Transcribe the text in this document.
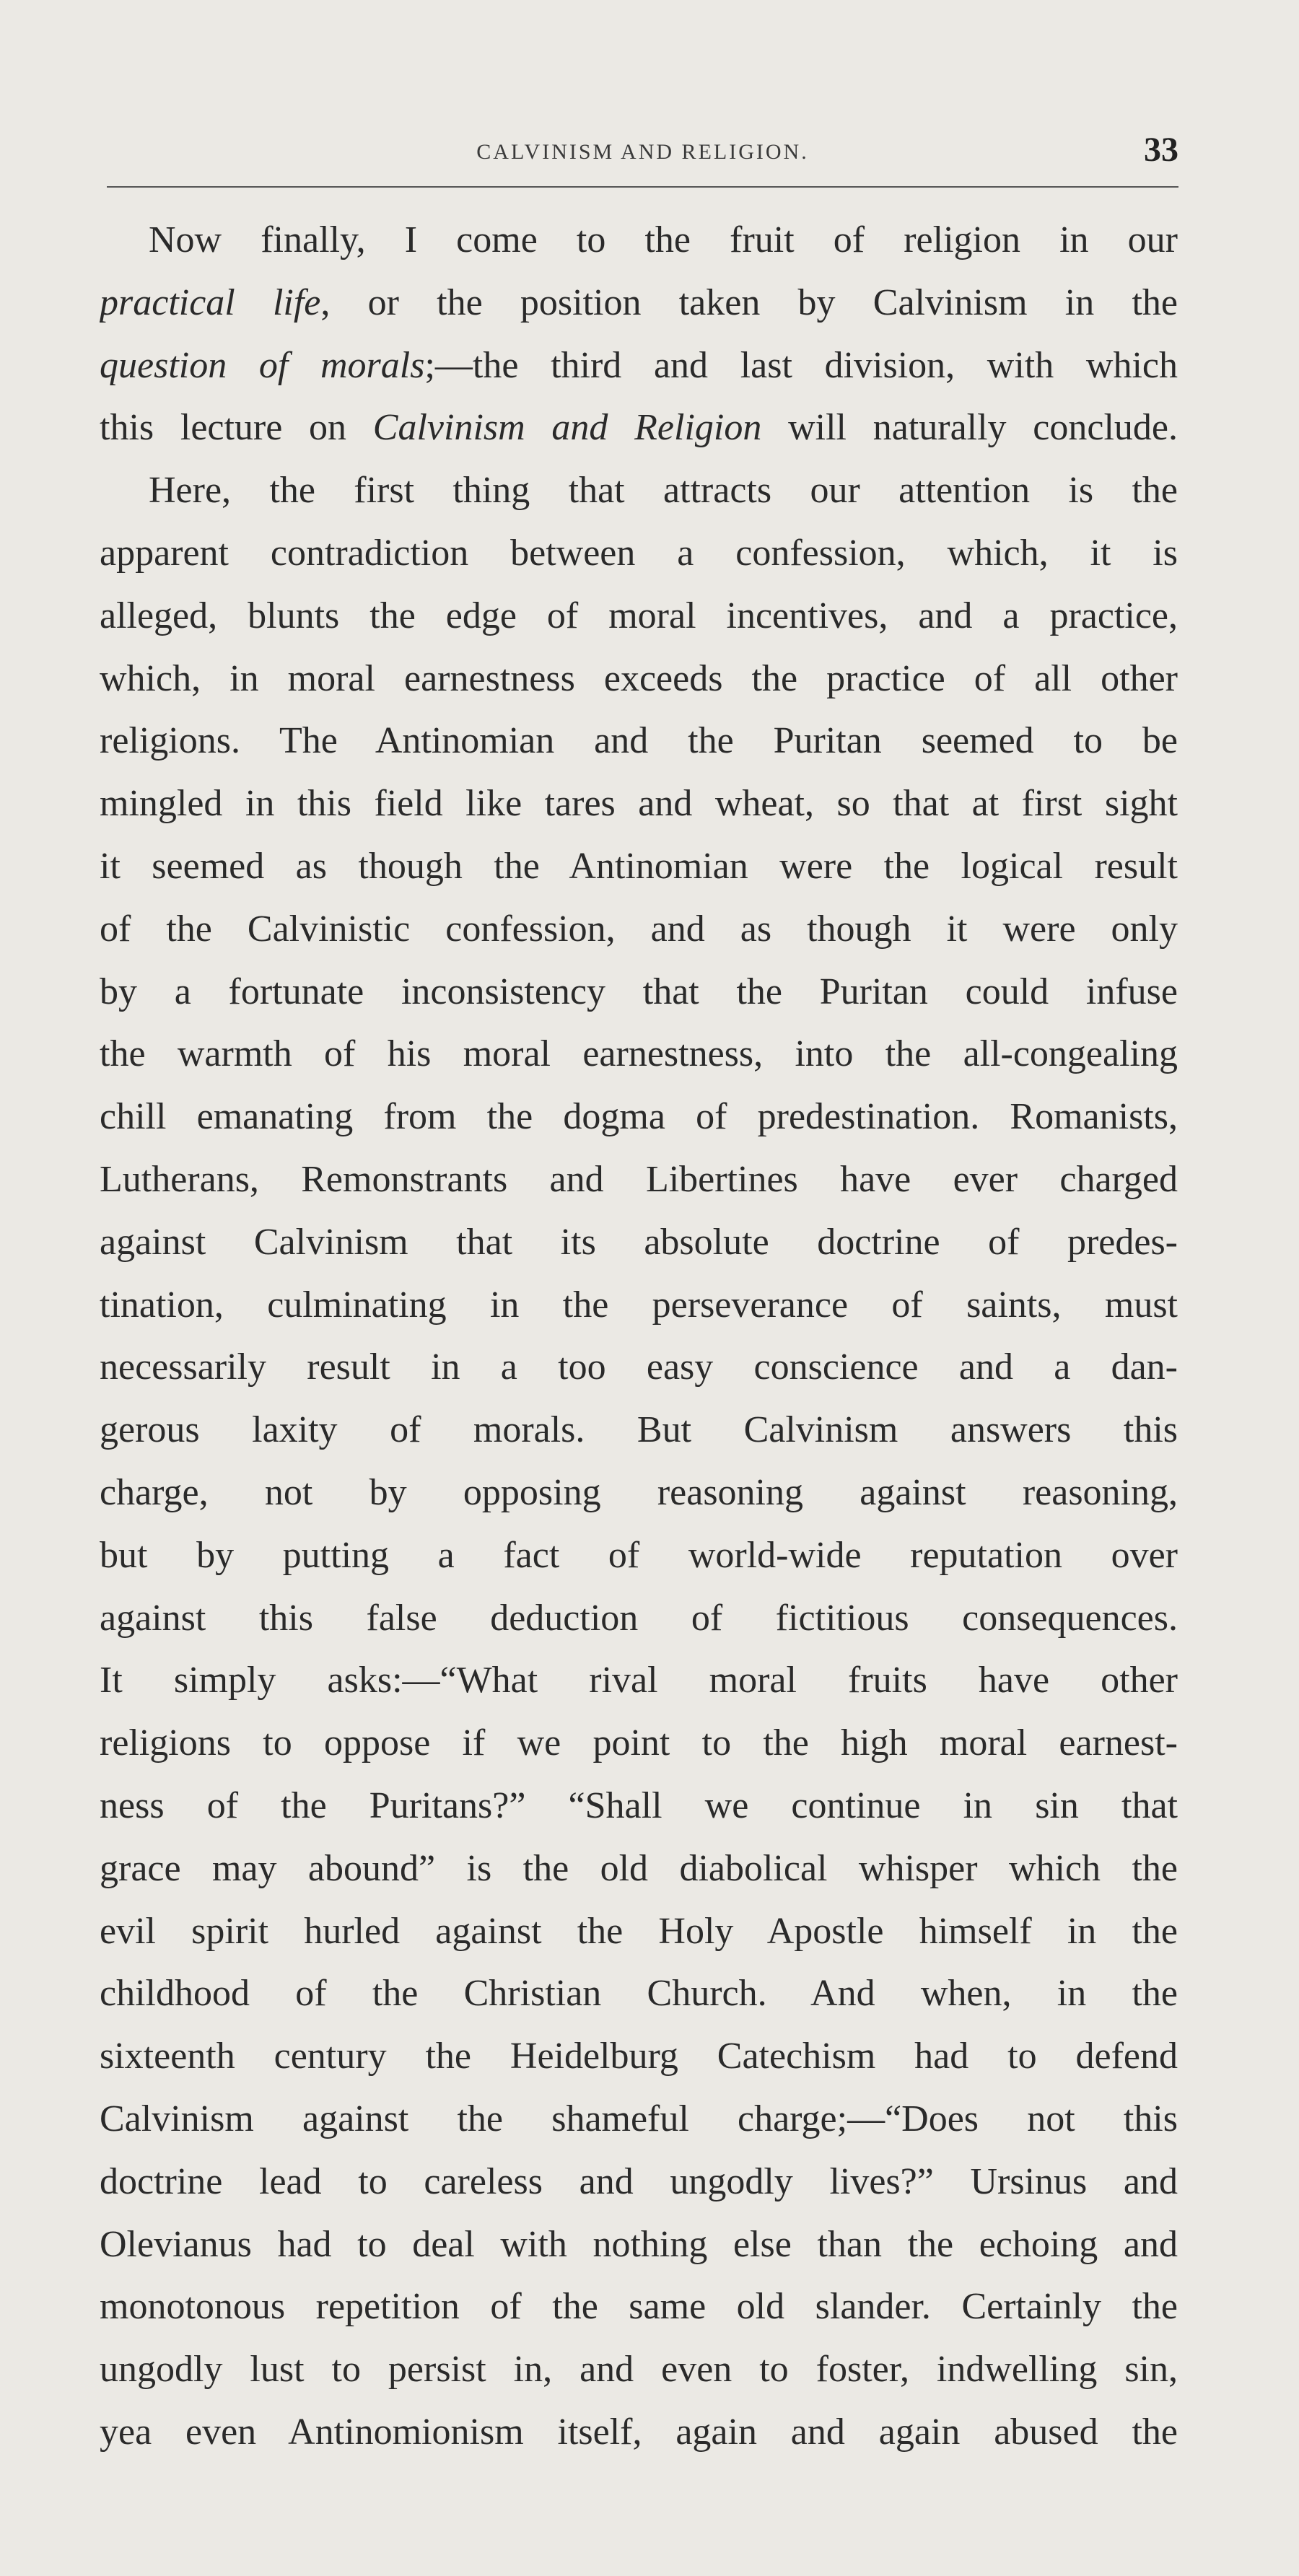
CALVINISM AND RELIGION.	33
Now finally, I come to the fruit of religion in our
practical life, or the position taken by Calvinism in the
question of morals;—the third and last division, with which
this lecture on Calvinism and Religion will naturally conclude.
Here, the first thing that attracts our attention is the
apparent contradiction between a confession, which, it is
alleged, blunts the edge of moral incentives, and a practice,
which, in moral earnestness exceeds the practice of all other
religions. The Antinomian and the Puritan seemed to be
mingled in this field like tares and wheat, so that at first sight
it seemed as though the Antinomian were the logical result
of the Calvinistic confession, and as though it were only
by a fortunate inconsistency that the Puritan could infuse
the warmth of his moral earnestness, into the all-congealing
chill emanating from the dogma of predestination. Romanists,
Lutherans, Remonstrants and Libertines have ever charged
against Calvinism that its absolute doctrine of predes-
tination, culminating in the perseverance of saints, must
necessarily result in a too easy conscience and a dan-
gerous laxity of morals. But Calvinism answers this
charge, not by opposing reasoning against reasoning,
but by putting a fact of world-wide reputation over
against this false deduction of fictitious consequences.
It simply asks:—“What rival moral fruits have other
religions to oppose if we point to the high moral earnest-
ness of the Puritans?” “Shall we continue in sin that
grace may abound” is the old diabolical whisper which the
evil spirit hurled against the Holy Apostle himself in the
childhood of the Christian Church. And when, in the
sixteenth century the Heidelburg Catechism had to defend
Calvinism against the shameful charge;—“Does not this
doctrine lead to careless and ungodly lives?” Ursinus and
Olevianus had to deal with nothing else than the echoing and
monotonous repetition of the same old slander. Certainly the
ungodly lust to persist in, and even to foster, indwelling sin,
yea even Antinomionism itself, again and again abused the
